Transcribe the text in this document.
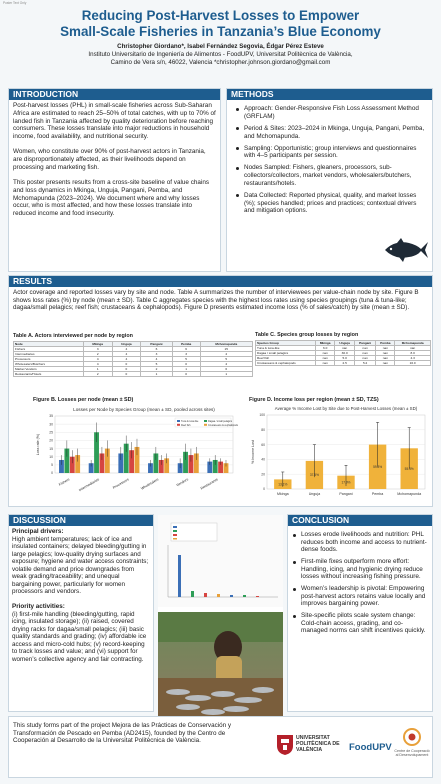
Poster Text Only
Reducing Post-Harvest Losses to Empower
Small-Scale Fisheries in Tanzania’s Blue Economy
Christopher Giordano*, Isabel Fernández Segovia, Édgar Pérez Esteve
Instituto Universitario de Ingeniería de Alimentos - FoodUPV, Universitat Politècnica de València,
Camino de Vera s/n, 46022, Valencia *christopher.johnson.giordano@gmail.com
INTRODUCTION

Post-harvest losses (PHL) in small-scale fisheries across Sub-Saharan Africa are estimated to reach 25–50% of total catches, with up to 70% of landed fish in Tanzania affected by quality deterioration before reaching consumers. These losses translate into major reductions in household income, food availability, and nutritional security.

Women, who constitute over 90% of post-harvest actors in Tanzania, are disproportionately affected, as their livelihoods depend on processing and marketing fish.

This poster presents results from a cross-site baseline of value chains and loss dynamics in Mkinga, Unguja, Pangani, Pemba, and Mchomapunda (2023–2024). We document where and why losses occur, who is most affected, and how these losses translate into reduced income and food insecurity.

METHODS
Approach: Gender-Responsive Fish Loss Assessment Method (GRFLAM)
Period & Sites: 2023–2024 in Mkinga, Unguja, Pangani, Pemba, and Mchomapunda.
Sampling: Opportunistic; group interviews and questionnaires with 4–5 participants per session.
Nodes Sampled: Fishers, gleaners, processors, sub-collectors/collectors, market vendors, wholesalers/butchers, restaurants/hotels.
Data Collected: Reported physical, quality, and market losses (%); species handled; prices and practices; contextual drivers and mitigation options.
RESULTS
Actor coverage and reported losses vary by site and node. Table A summarizes the number of interviewees per value-chain node by site. Figure B shows loss rates (%) by node (mean ± SD). Table C aggregates species with the highest loss rates using species groupings (tuna & tuna-like; dagaa/small pelagics; reef fish; crustaceans & cephalopods). Figure D presents estimated income loss (% of sales/catch) by site (mean ± SD).
Table A. Actors interviewed per node by region
Node	Mkinga	Unguja	Pangani	Pemba	Mchomapunda
Fishers	3	4	6	6	15
Intermediaries	2	4	3	3	4
Processors	4	4	4	5	5
Wholesalers/Butchers	4	0	5	0	4
Market Vendors	1	0	2	1	6
Restaurants/Hotels	2	0	1	0	1
Table C. Species group losses by region
Species Group	Mkinga	Unguja	Pangani	Pemba	Mchomapunda
Tuna & tuna-like	6.0	nan	nan	nan	nan
Dagaa / small pelagics	nan	30.0	nan	nan	8.0
Reef fish	nan	5.0	nan	nan	4.3
Crustaceans & cephalopods	nan	2.5	5.2	nan	16.0
Figure B. Losses per node (mean ± SD)
Losses per Node by Species Group (mean ± SD, pooled across sites)
0
5
10
15
20
25
30
35
Loss rate (%)
Fishers Intermediaries	Processors	Wholesalers	Vendors	Restaurants
Tuna & tuna-like	Dagaa / small pelagics
Reef fish	Crustaceans & cephalopods
Figure D. Income loss per region (mean ± SD, TZS)
Average % Income Lost by Site due to Post-Harvest Losses (mean ± SD)
0
20
40
60
80
100
% Income Lost
13.1%
Mkinga
37.5%
Unguja
17.9%
Pangani
59.8%
Pemba
55.3%
Mchomapunda
DISCUSSION
Principal drivers:

High ambient temperatures; lack of ice and insulated containers; delayed bleeding/gutting in large pelagics; low-quality drying surfaces and exposure; hygiene and water access constraints; volatile demand and price downgrades from weak grading/traceability; and unequal bargaining power, particularly for women processors and vendors.

Priority activities:

(i) first-mile handling (bleeding/gutting, rapid icing, insulated storage); (ii) raised, covered drying racks for dagaa/small pelagics; (iii) basic quality standards and grading; (iv) affordable ice access and micro-cold hubs; (v) record-keeping to track losses and value; and (vi) support for women’s collective agency and fair contracting.

CONCLUSION
Losses erode livelihoods and nutrition: PHL reduces both income and access to nutrient-dense foods.
First-mile fixes outperform more effort: Handling, icing, and hygienic drying reduce losses without increasing fishing pressure.
Women’s leadership is pivotal: Empowering post-harvest actors retains value locally and improves bargaining power.
Site-specific pilots scale system change: Cold-chain access, grading, and co-managed norms can shift incentives quickly.
This study forms part of the project Mejora de las Prácticas de Conservación y Transformación de Pescado en Pemba (AD2415), founded by the Centro de Cooperación al Desarrollo de la Universitat Politècnica de València.	UNIVERSITAT POLITÈCNICA DE VALÈNCIA	FoodUPV Centre de Cooperació al Desenvolupament
